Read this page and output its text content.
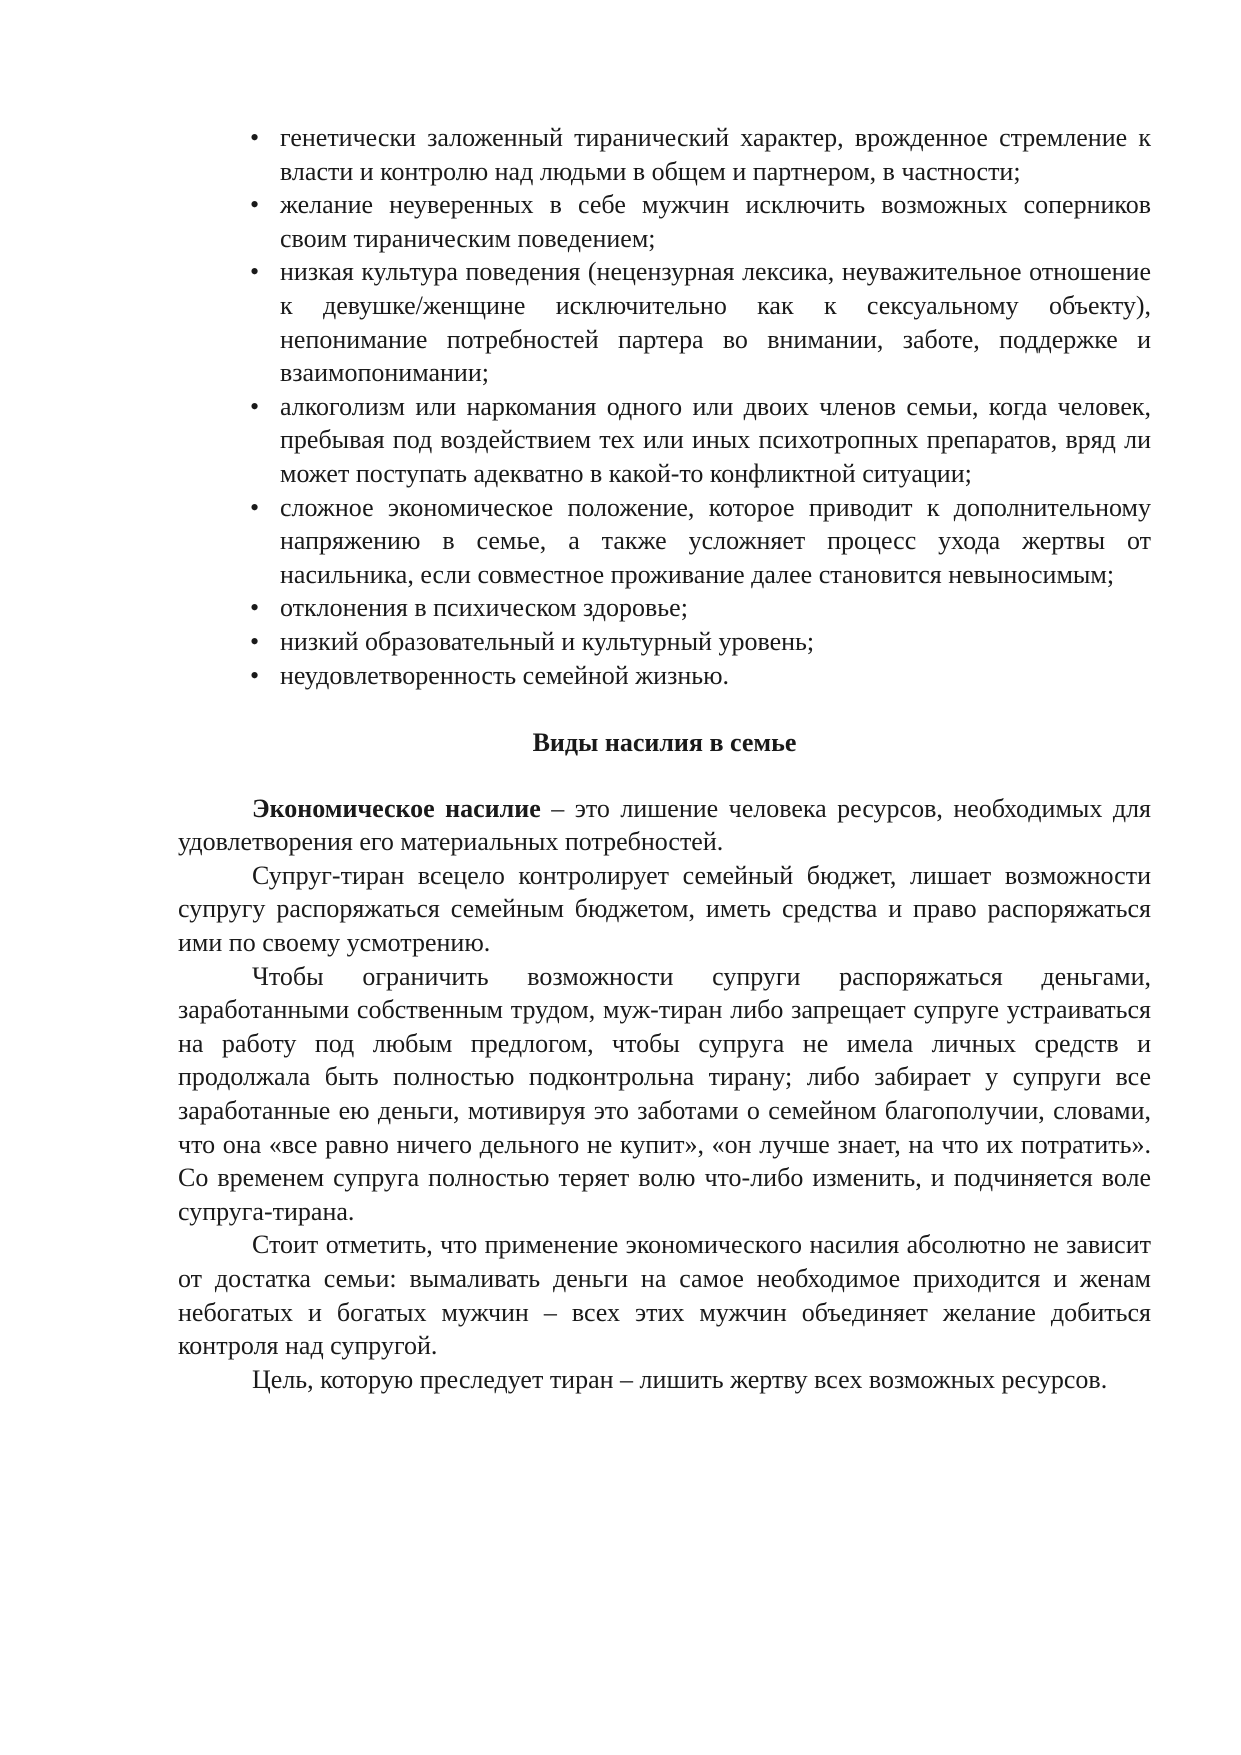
• генетически заложенный тиранический характер, врожденное стремление к власти и контролю над людьми в общем и партнером, в частности;
• желание неуверенных в себе мужчин исключить возможных соперников своим тираническим поведением;
• низкая культура поведения (нецензурная лексика, неуважительное отношение к девушке/женщине исключительно как к сексуальному объекту), непонимание потребностей партера во внимании, заботе, поддержке и взаимопонимании;
• алкоголизм или наркомания одного или двоих членов семьи, когда человек, пребывая под воздействием тех или иных психотропных препаратов, вряд ли может поступать адекватно в какой-то конфликтной ситуации;
• сложное экономическое положение, которое приводит к дополнительному напряжению в семье, а также усложняет процесс ухода жертвы от насильника, если совместное проживание далее становится невыносимым;
• отклонения в психическом здоровье;
• низкий образовательный и культурный уровень;
• неудовлетворенность семейной жизнью.
Виды насилия в семье

Экономическое насилие – это лишение человека ресурсов, необходимых для удовлетворения его материальных потребностей.

Супруг-тиран всецело контролирует семейный бюджет, лишает возможности супругу распоряжаться семейным бюджетом, иметь средства и право распоряжаться ими по своему усмотрению.

Чтобы ограничить возможности супруги распоряжаться деньгами, заработанными собственным трудом, муж-тиран либо запрещает супруге устраиваться на работу под любым предлогом, чтобы супруга не имела личных средств и продолжала быть полностью подконтрольна тирану; либо забирает у супруги все заработанные ею деньги, мотивируя это заботами о семейном благополучии, словами, что она «все равно ничего дельного не купит», «он лучше знает, на что их потратить». Со временем супруга полностью теряет волю что-либо изменить, и подчиняется воле супруга-тирана.

Стоит отметить, что применение экономического насилия абсолютно не зависит от достатка семьи: вымаливать деньги на самое необходимое приходится и женам небогатых и богатых мужчин – всех этих мужчин объединяет желание добиться контроля над супругой.

Цель, которую преследует тиран – лишить жертву всех возможных ресурсов.
